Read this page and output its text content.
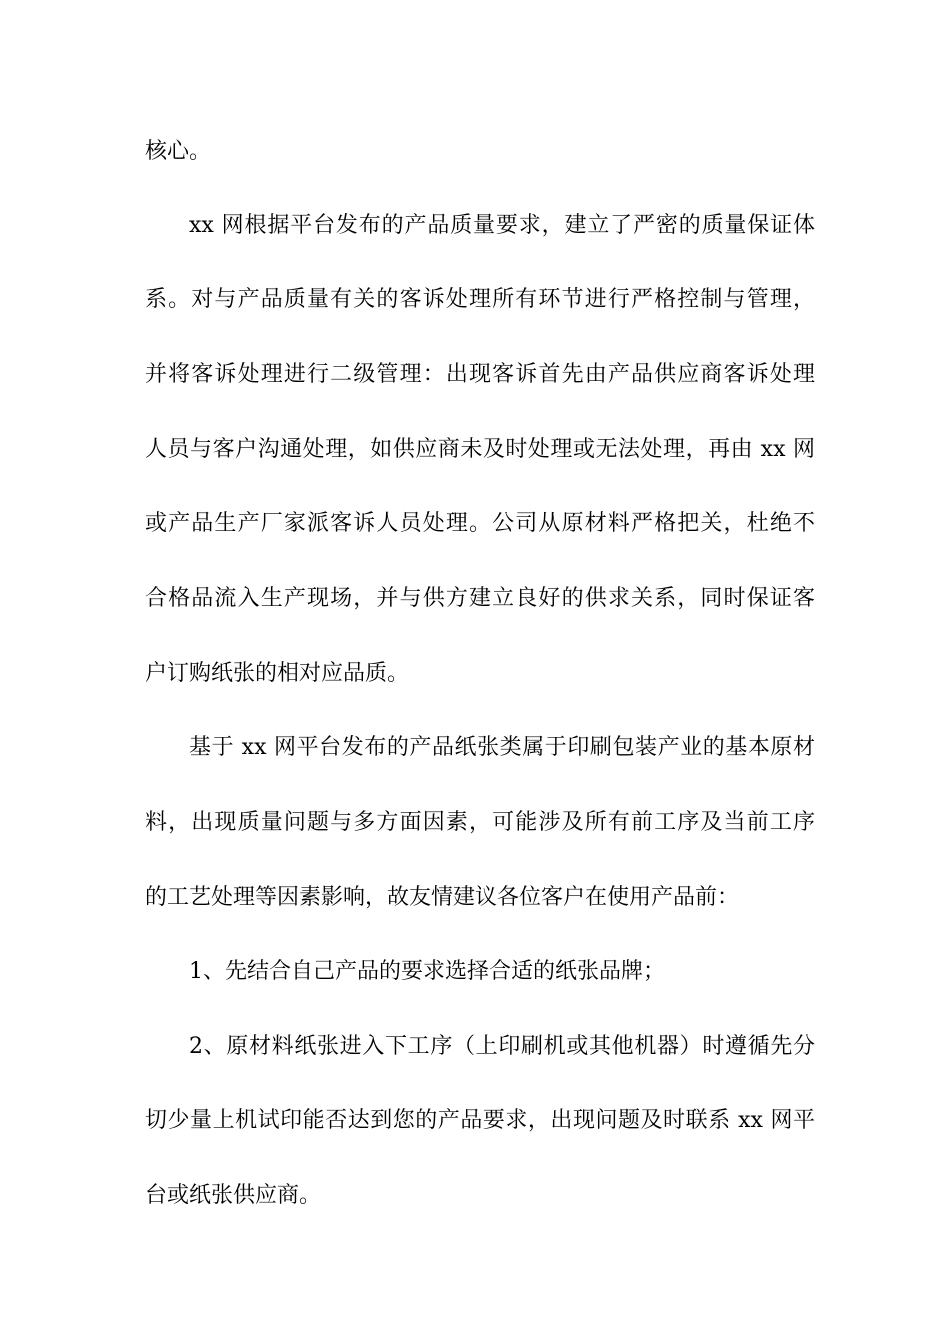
核心。
xx 网根据平台发布的产品质量要求，建立了严密的质量保证体
系。对与产品质量有关的客诉处理所有环节进行严格控制与管理，
并将客诉处理进行二级管理：出现客诉首先由产品供应商客诉处理
人员与客户沟通处理，如供应商未及时处理或无法处理，再由 xx 网
或产品生产厂家派客诉人员处理。公司从原材料严格把关，杜绝不
合格品流入生产现场，并与供方建立良好的供求关系，同时保证客
户订购纸张的相对应品质。
基于 xx 网平台发布的产品纸张类属于印刷包装产业的基本原材
料，出现质量问题与多方面因素，可能涉及所有前工序及当前工序
的工艺处理等因素影响，故友情建议各位客户在使用产品前：
1、先结合自己产品的要求选择合适的纸张品牌；
2、原材料纸张进入下工序（上印刷机或其他机器）时遵循先分
切少量上机试印能否达到您的产品要求，出现问题及时联系 xx 网平
台或纸张供应商。
